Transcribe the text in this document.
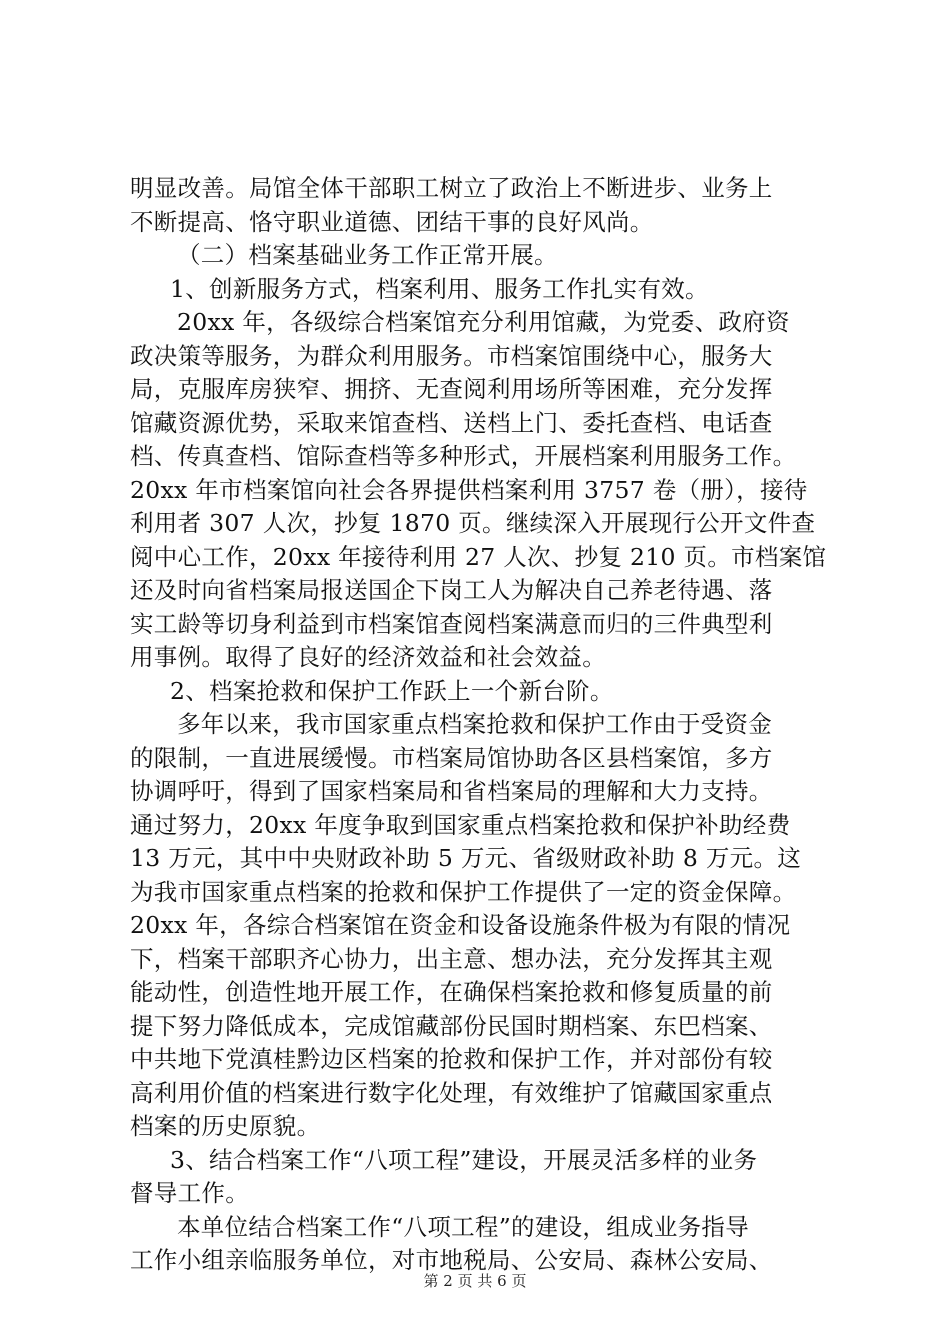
明显改善。局馆全体干部职工树立了政治上不断进步、业务上
不断提高、恪守职业道德、团结干事的良好风尚。
（二）档案基础业务工作正常开展。
1、创新服务方式，档案利用、服务工作扎实有效。
20xx 年，各级综合档案馆充分利用馆藏，为党委、政府资
政决策等服务，为群众利用服务。市档案馆围绕中心，服务大
局，克服库房狭窄、拥挤、无查阅利用场所等困难，充分发挥
馆藏资源优势，采取来馆查档、送档上门、委托查档、电话查
档、传真查档、馆际查档等多种形式，开展档案利用服务工作。
20xx 年市档案馆向社会各界提供档案利用 3757 卷（册），接待
利用者 307 人次，抄复 1870 页。继续深入开展现行公开文件查
阅中心工作，20xx 年接待利用 27 人次、抄复 210 页。市档案馆
还及时向省档案局报送国企下岗工人为解决自己养老待遇、落
实工龄等切身利益到市档案馆查阅档案满意而归的三件典型利
用事例。取得了良好的经济效益和社会效益。
2、档案抢救和保护工作跃上一个新台阶。
多年以来，我市国家重点档案抢救和保护工作由于受资金
的限制，一直进展缓慢。市档案局馆协助各区县档案馆，多方
协调呼吁，得到了国家档案局和省档案局的理解和大力支持。
通过努力，20xx 年度争取到国家重点档案抢救和保护补助经费
13 万元，其中中央财政补助 5 万元、省级财政补助 8 万元。这
为我市国家重点档案的抢救和保护工作提供了一定的资金保障。
20xx 年，各综合档案馆在资金和设备设施条件极为有限的情况
下，档案干部职齐心协力，出主意、想办法，充分发挥其主观
能动性，创造性地开展工作，在确保档案抢救和修复质量的前
提下努力降低成本，完成馆藏部份民国时期档案、东巴档案、
中共地下党滇桂黔边区档案的抢救和保护工作，并对部份有较
高利用价值的档案进行数字化处理，有效维护了馆藏国家重点
档案的历史原貌。
3、结合档案工作“八项工程”建设，开展灵活多样的业务
督导工作。
本单位结合档案工作“八项工程”的建设，组成业务指导
工作小组亲临服务单位，对市地税局、公安局、森林公安局、
第 2 页 共 6 页
